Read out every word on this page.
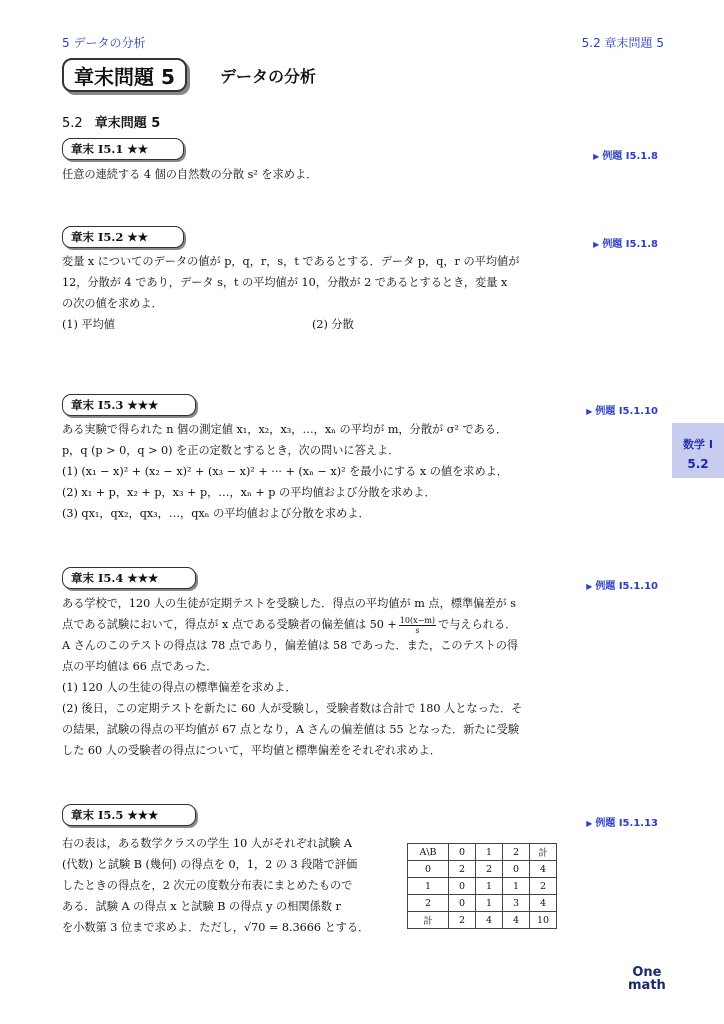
5 データの分析	5.2 章末問題 5
章末問題 5	データの分析
5.2 章末問題 5
章末 I5.1 ★★
▶ 例題 I5.1.8
任意の連続する 4 個の自然数の分散 s² を求めよ．
章末 I5.2 ★★
▶ 例題 I5.1.8
変量 x についてのデータの値が p，q，r，s，t であるとする．データ p，q，r の平均値が
12，分散が 4 であり，データ s，t の平均値が 10，分散が 2 であるとするとき，変量 x
の次の値を求めよ．
(1) 平均値	(2) 分散
章末 I5.3 ★★★	▶ 例題 I5.1.10
ある実験で得られた n 個の測定値 x₁，x₂，x₃，…，xₙ の平均が m，分散が σ² である．
p，q (p > 0，q > 0) を正の定数とするとき，次の問いに答えよ．
(1) (x₁ − x)² + (x₂ − x)² + (x₃ − x)² + ··· + (xₙ − x)² を最小にする x の値を求めよ．
(2) x₁ + p，x₂ + p，x₃ + p，…，xₙ + p の平均値および分散を求めよ．
(3) qx₁，qx₂，qx₃，…，qxₙ の平均値および分散を求めよ．
数学 I
5.2
章末 I5.4 ★★★
▶ 例題 I5.1.10
ある学校で，120 人の生徒が定期テストを受験した．得点の平均値が m 点，標準偏差が s
点である試験において，得点が x 点である受験者の偏差値は $50 + \frac{10(x-m)}{s}$ で与えられる．
A さんのこのテストの得点は 78 点であり，偏差値は 58 であった．また，このテストの得
点の平均値は 66 点であった．
(1) 120 人の生徒の得点の標準偏差を求めよ．
(2) 後日，この定期テストを新たに 60 人が受験し，受験者数は合計で 180 人となった．そ
の結果，試験の得点の平均値が 67 点となり，A さんの偏差値は 55 となった．新たに受験
した 60 人の受験者の得点について，平均値と標準偏差をそれぞれ求めよ．
章末 I5.5 ★★★
▶ 例題 I5.1.13
右の表は，ある数学クラスの学生 10 人がそれぞれ試験 A
(代数) と試験 B (幾何) の得点を 0，1，2 の 3 段階で評価
したときの得点を，2 次元の度数分布表にまとめたもので
ある．試験 A の得点 x と試験 B の得点 y の相関係数 r
を小数第 3 位まで求めよ．ただし，√70 = 8.3666 とする．
A\B	0	1	2	計
0	2	2	0	4
1	0	1	1	2
2	0	1	3	4
計	2	4	4	10
One
math
